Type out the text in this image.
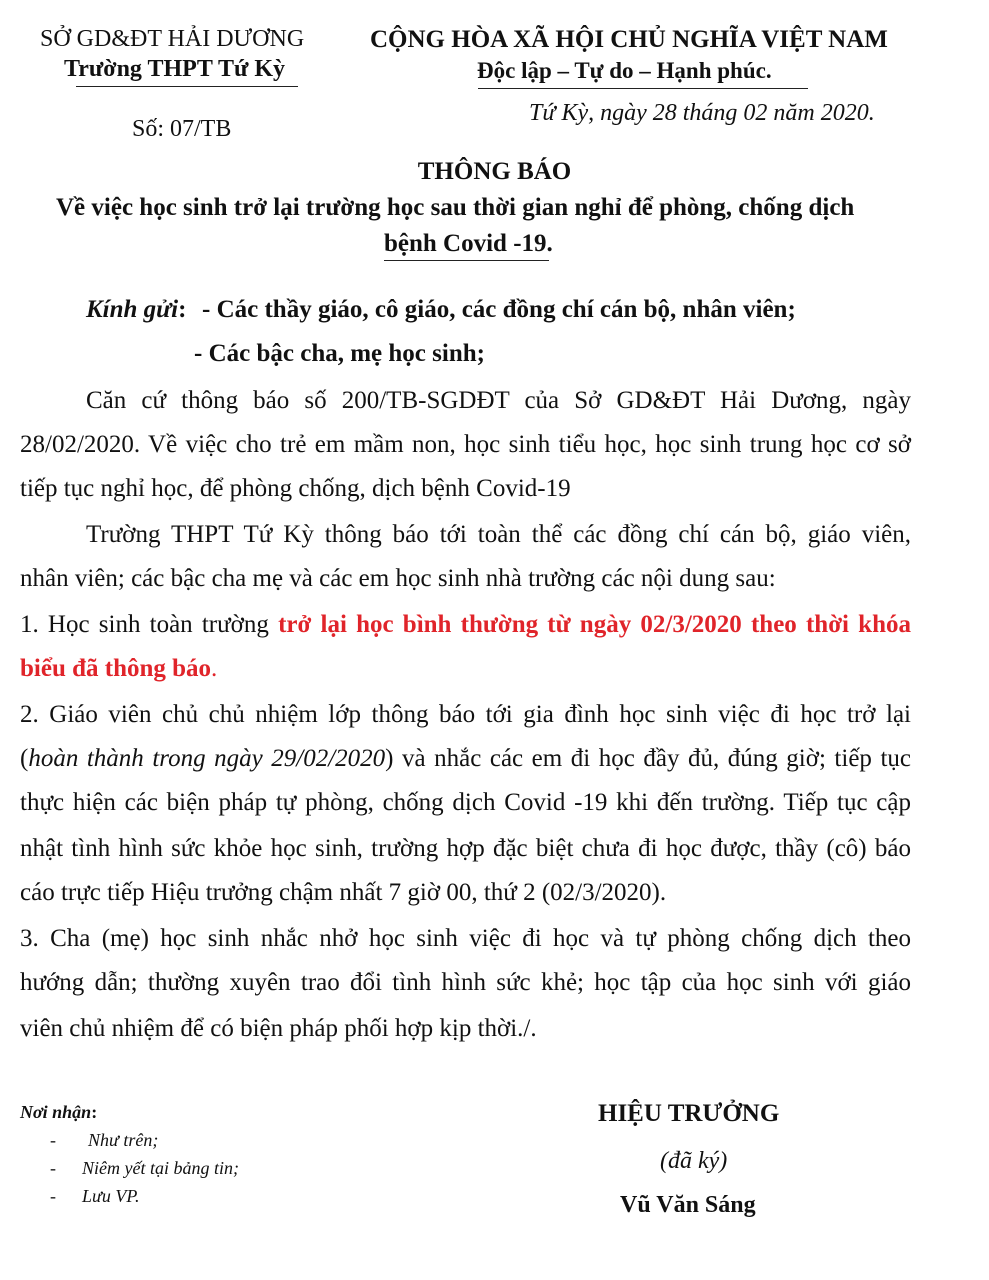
SỞ GD&ĐT HẢI DƯƠNG
Trường THPT Tứ Kỳ
CỘNG HÒA XÃ HỘI CHỦ NGHĨA VIỆT NAM
Độc lập – Tự do – Hạnh phúc.
Số: 07/TB
Tứ Kỳ, ngày 28 tháng 02 năm 2020.
THÔNG BÁO
Về việc học sinh trở lại trường học sau thời gian nghỉ để phòng, chống dịch
bệnh Covid -19.
Kính gửi: - Các thầy giáo, cô giáo, các đồng chí cán bộ, nhân viên;
- Các bậc cha, mẹ học sinh;
Căn cứ thông báo số 200/TB-SGDĐT của Sở GD&ĐT Hải Dương, ngày
28/02/2020. Về việc cho trẻ em mầm non, học sinh tiểu học, học sinh trung học cơ sở
tiếp tục nghỉ học, để phòng chống, dịch bệnh Covid-19
Trường THPT Tứ Kỳ thông báo tới toàn thể các đồng chí cán bộ, giáo viên,
nhân viên; các bậc cha mẹ và các em học sinh nhà trường các nội dung sau:
1. Học sinh toàn trường trở lại học bình thường từ ngày 02/3/2020 theo thời khóa
biểu đã thông báo.
2. Giáo viên chủ chủ nhiệm lớp thông báo tới gia đình học sinh việc đi học trở lại
(hoàn thành trong ngày 29/02/2020) và nhắc các em đi học đầy đủ, đúng giờ; tiếp tục
thực hiện các biện pháp tự phòng, chống dịch Covid -19 khi đến trường. Tiếp tục cập
nhật tình hình sức khỏe học sinh, trường hợp đặc biệt chưa đi học được, thầy (cô) báo
cáo trực tiếp Hiệu trưởng chậm nhất 7 giờ 00, thứ 2 (02/3/2020).
3. Cha (mẹ) học sinh nhắc nhở học sinh việc đi học và tự phòng chống dịch theo
hướng dẫn; thường xuyên trao đổi tình hình sức khẻ; học tập của học sinh với giáo
viên chủ nhiệm để có biện pháp phối hợp kịp thời./.
Nơi nhận:
- Như trên;
- Niêm yết tại bảng tin;
- Lưu VP.
HIỆU TRƯỞNG
(đã ký)
Vũ Văn Sáng
